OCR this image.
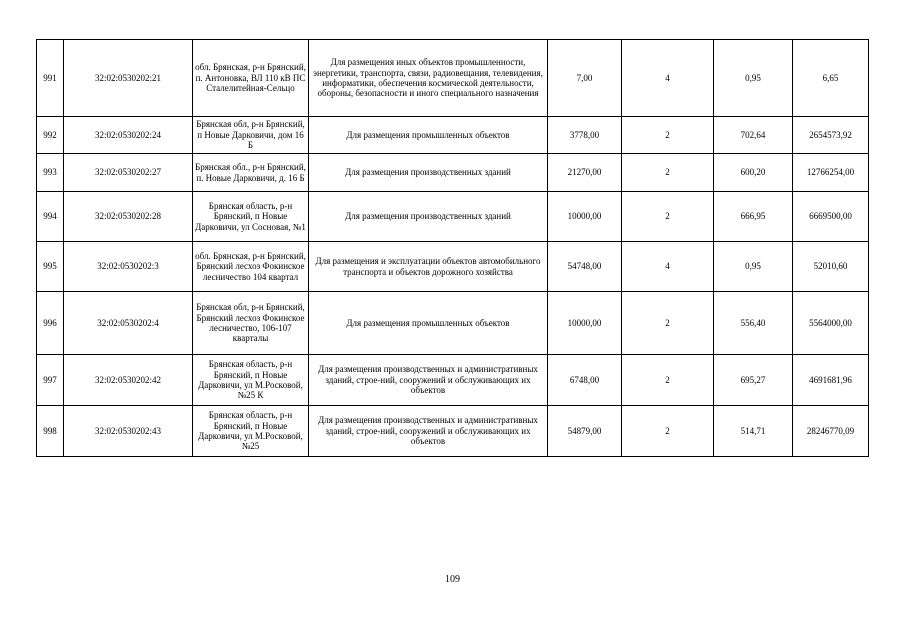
991	32:02:0530202:21	обл. Брянская, р-н Брянский, п. Антоновка, ВЛ 110 кВ ПС Сталелитейная-Сельцо	Для размещения иных объектов промышленности, энергетики, транспорта, связи, радиовещания, телевидения, информатики, обеспечения космической деятельности, обороны, безопасности и иного специального назначения	7,00	4	0,95	6,65
992	32:02:0530202:24	Брянская обл, р-н Брянский, п Новые Дарковичи, дом 16 Б	Для размещения промышленных объектов	3778,00	2	702,64	2654573,92
993	32:02:0530202:27	Брянская обл., р-н Брянский, п. Новые Дарковичи, д. 16 Б	Для размещения производственных зданий	21270,00	2	600,20	12766254,00
994	32:02:0530202:28	Брянская область, р-н Брянский, п Новые Дарковичи, ул Сосновая, №1	Для размещения производственных зданий	10000,00	2	666,95	6669500,00
995	32:02:0530202:3	обл. Брянская, р-н Брянский, Брянский лесхоз Фокинское лесничество 104 квартал	Для размещения и эксплуатации объектов автомобильного транспорта и объектов дорожного хозяйства	54748,00	4	0,95	52010,60
996	32:02:0530202:4	Брянская обл, р-н Брянский, Брянский лесхоз Фокинское лесничество, 106-107 кварталы	Для размещения промышленных объектов	10000,00	2	556,40	5564000,00
997	32:02:0530202:42	Брянская область, р-н Брянский, п Новые Дарковичи, ул М.Росковой, №25 К	Для размещения производственных и административных зданий, строе-ний, сооружений и обслуживающих их объектов	6748,00	2	695,27	4691681,96
998	32:02:0530202:43	Брянская область, р-н Брянский, п Новые Дарковичи, ул М.Росковой, №25	Для размещения производственных и административных зданий, строе-ний, сооружений и обслуживающих их объектов	54879,00	2	514,71	28246770,09
109
